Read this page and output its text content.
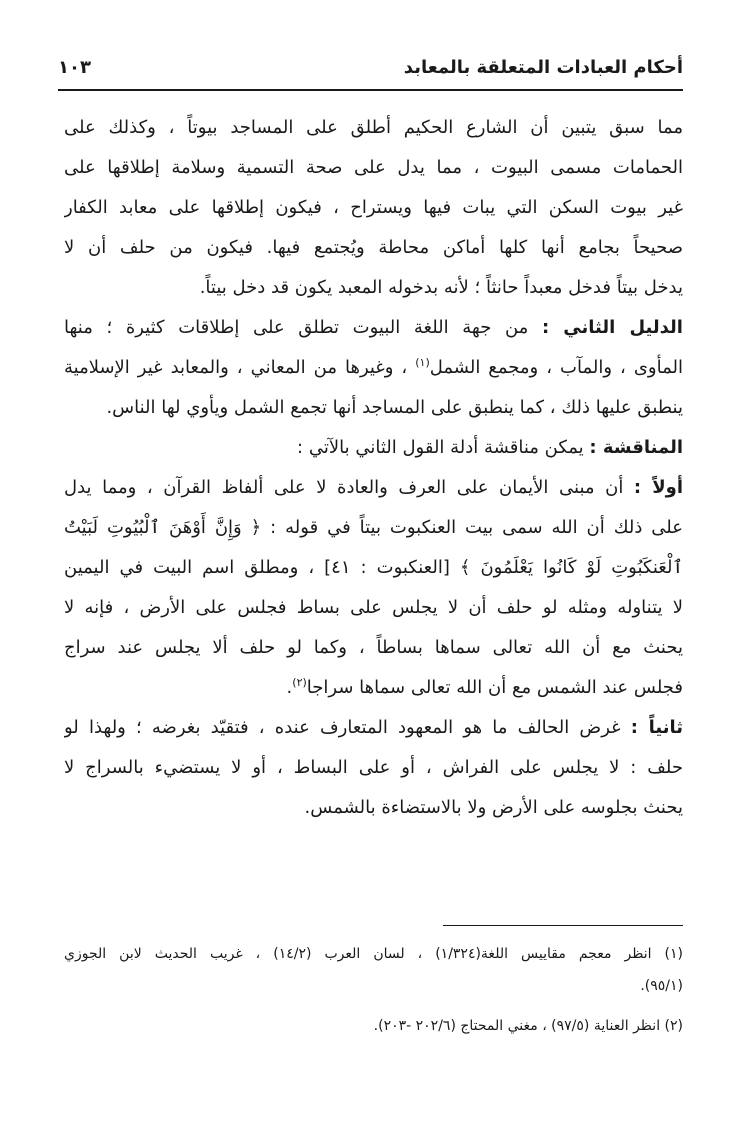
أحكام العبادات المتعلقة بالمعابد
١٠٣
مما سبق يتبين أن الشارع الحكيم أطلق على المساجد بيوتاً ، وكذلك على
الحمامات مسمى البيوت ، مما يدل على صحة التسمية وسلامة إطلاقها على
غير بيوت السكن التي يبات فيها ويستراح ، فيكون إطلاقها على معابد الكفار
صحيحاً بجامع أنها كلها أماكن محاطة ويُجتمع فيها. فيكون من حلف أن لا
يدخل بيتاً فدخل معبداً حانثاً ؛ لأنه بدخوله المعبد يكون قد دخل بيتاً.
الدليل الثاني : من جهة اللغة البيوت تطلق على إطلاقات كثيرة ؛ منها
المأوى ، والمآب ، ومجمع الشمل$^{(١)}$ ، وغيرها من المعاني ، والمعابد غير الإسلامية
ينطبق عليها ذلك ، كما ينطبق على المساجد أنها تجمع الشمل ويأوي لها الناس.
المناقشة : يمكن مناقشة أدلة القول الثاني بالآتي :
أولاً : أن مبنى الأيمان على العرف والعادة لا على ألفاظ القرآن ، ومما يدل
على ذلك أن الله سمى بيت العنكبوت بيتاً في قوله : ﴿ وَإِنَّ أَوْهَنَ ٱلْبُيُوتِ لَبَيْتُ
ٱلْعَنكَبُوتِ لَوْ كَانُوا يَعْلَمُونَ ﴾ [العنكبوت : ٤١] ، ومطلق اسم البيت في اليمين
لا يتناوله ومثله لو حلف أن لا يجلس على بساط فجلس على الأرض ، فإنه لا
يحنث مع أن الله تعالى سماها بساطاً ، وكما لو حلف ألا يجلس عند سراج
فجلس عند الشمس مع أن الله تعالى سماها سراجا$^{(٢)}$.
ثانياً : غرض الحالف ما هو المعهود المتعارف عنده ، فتقيّد بغرضه ؛ ولهذا لو
حلف : لا يجلس على الفراش ، أو على البساط ، أو لا يستضيء بالسراج لا
يحنث بجلوسه على الأرض ولا بالاستضاءة بالشمس.
(١) انظر معجم مقاييس اللغة(١/٣٢٤) ، لسان العرب (١٤/٢) ، غريب الحديث لابن الجوزي
(٩٥/١).
(٢) انظر العناية (٩٧/٥) ، مغني المحتاج (٢٠٢/٦ -٢٠٣).
